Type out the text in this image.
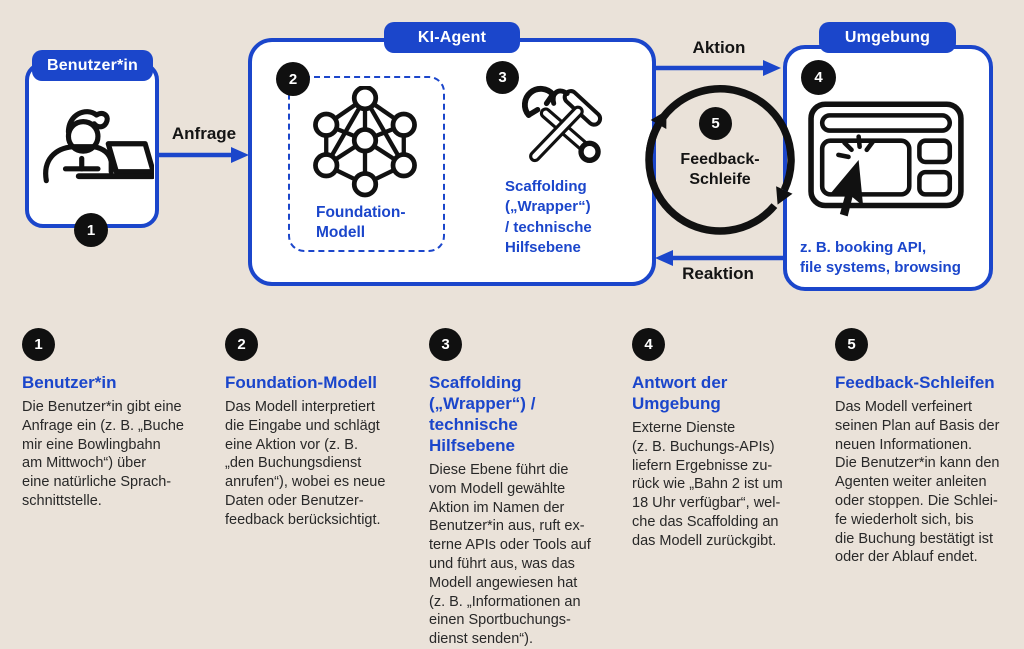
Benutzer*in
1
Anfrage
KI-Agent
2
Foundation-
Modell
3
Scaffolding
(„Wrapper“)
/ technische
Hilfsebene
Aktion
5
Feedback-
Schleife
Reaktion
Umgebung
4
z. B. booking API,
file systems, browsing
1
Benutzer*in
Die Benutzer*in gibt eine
Anfrage ein (z. B. „Buche
mir eine Bowlingbahn
am Mittwoch“) über
eine natürliche Sprach-
schnittstelle.
2
Foundation-Modell
Das Modell interpretiert
die Eingabe und schlägt
eine Aktion vor (z. B.
„den Buchungsdienst
anrufen“), wobei es neue
Daten oder Benutzer-
feedback berücksichtigt.
3
Scaffolding
(„Wrapper“) /
technische
Hilfsebene
Diese Ebene führt die
vom Modell gewählte
Aktion im Namen der
Benutzer*in aus, ruft ex-
terne APIs oder Tools auf
und führt aus, was das
Modell angewiesen hat
(z. B. „Informationen an
einen Sportbuchungs-
dienst senden“).
4
Antwort der
Umgebung
Externe Dienste
(z. B. Buchungs-APIs)
liefern Ergebnisse zu-
rück wie „Bahn 2 ist um
18 Uhr verfügbar“, wel-
che das Scaffolding an
das Modell zurückgibt.
5
Feedback-Schleifen
Das Modell verfeinert
seinen Plan auf Basis der
neuen Informationen.
Die Benutzer*in kann den
Agenten weiter anleiten
oder stoppen. Die Schlei-
fe wiederholt sich, bis
die Buchung bestätigt ist
oder der Ablauf endet.
